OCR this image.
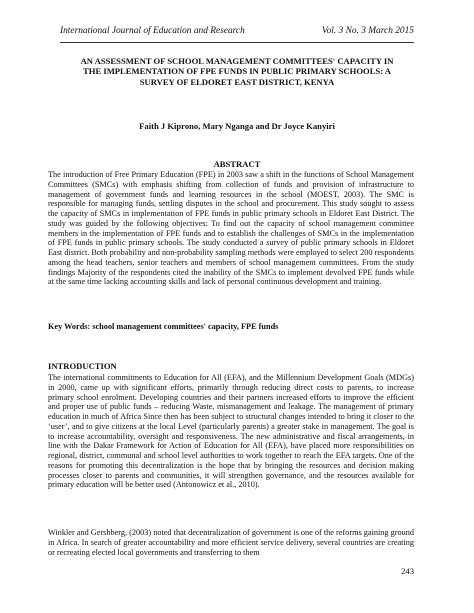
International Journal of Education and Research	Vol. 3 No. 3 March 2015
AN ASSESSMENT OF SCHOOL MANAGEMENT COMMITTEES' CAPACITY IN THE IMPLEMENTATION OF FPE FUNDS IN PUBLIC PRIMARY SCHOOLS: A SURVEY OF ELDORET EAST DISTRICT, KENYA
Faith J Kiprono, Mary Nganga and Dr Joyce Kanyiri
ABSTRACT
The introduction of Free Primary Education (FPE) in 2003 saw a shift in the functions of School Management Committees (SMCs) with emphasis shifting from collection of funds and provision of infrastructure to management of government funds and learning resources in the school (MOEST, 2003). The SMC is responsible for managing funds, settling disputes in the school and procurement. This study sought to assess the capacity of SMCs in implementation of FPE funds in public primary schools in Eldoret East District. The study was guided by the following objectives: To find out the capacity of school management committee members in the implementation of FPE funds and to establish the challenges of SMCs in the implementation of FPE funds in public primary schools. The study conducted a survey of public primary schools in Eldoret East district. Both probability and non-probability sampling methods were employed to select 200 respondents among the head teachers, senior teachers and members of school management committees. From the study findings Majority of the respondents cited the inability of the SMCs to implement devolved FPE funds while at the same time lacking accounting skills and lack of personal continuous development and training.
Key Words: school management committees' capacity, FPE funds
INTRODUCTION
The international commitments to Education for All (EFA), and the Millennium Development Goals (MDGs) in 2000, came up with significant efforts, primarily through reducing direct costs to parents, to increase primary school enrolment. Developing countries and their partners increased efforts to improve the efficient and proper use of public funds – reducing Waste, mismanagement and leakage. The management of primary education in much of Africa Since then has been subject to structural changes intended to bring it closer to the ‘user’, and to give citizens at the local Level (particularly parents) a greater stake in management. The goal is to increase accountability, oversight and responsiveness. The new administrative and fiscal arrangements, in line with the Dakar Framework for Action of Education for All (EFA), have placed more responsibilities on regional, district, communal and school level authorities to work together to reach the EFA targets. One of the reasons for promoting this decentralization is the hope that by bringing the resources and decision making processes closer to parents and communities, it will strengthen governance, and the resources available for primary education will be better used (Antonowicz et al., 2010).
Winkler and Gershberg, (2003) noted that decentralization of government is one of the reforms gaining ground in Africa. In search of greater accountability and more efficient service delivery, several countries are creating or recreating elected local governments and transferring to them
243
